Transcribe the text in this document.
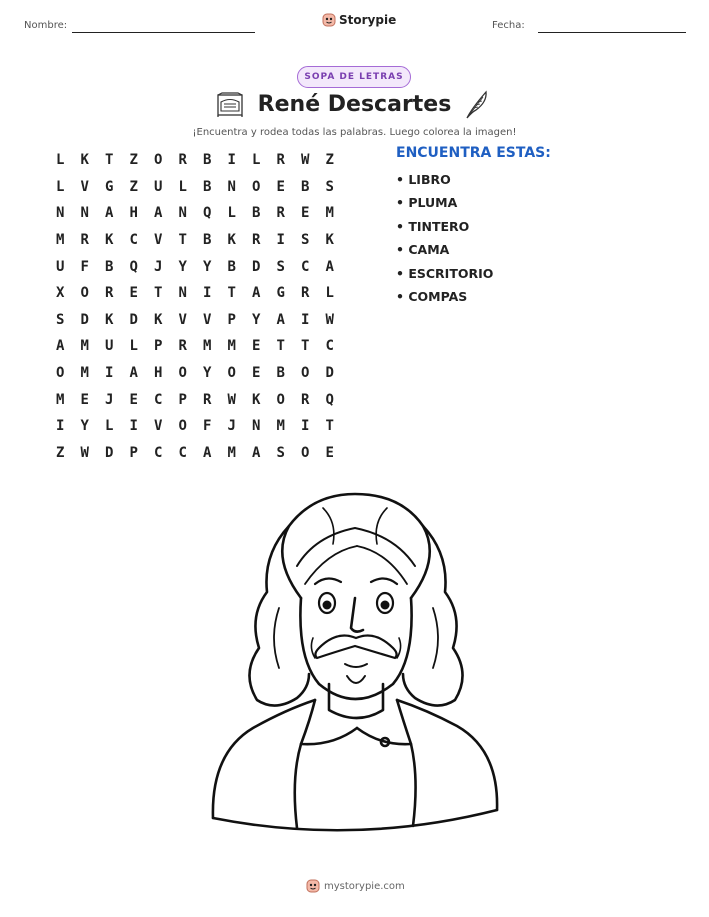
Nombre:	Storypie	Fecha:
SOPA DE LETRAS
René Descartes
¡Encuentra y rodea todas las palabras. Luego colorea la imagen!
L	K	T	Z	O	R	B	I	L	R	W	Z
L	V	G	Z	U	L	B	N	O	E	B	S
N	N	A	H	A	N	Q	L	B	R	E	M
M	R	K	C	V	T	B	K	R	I	S	K
U	F	B	Q	J	Y	Y	B	D	S	C	A
X	O	R	E	T	N	I	T	A	G	R	L
S	D	K	D	K	V	V	P	Y	A	I	W
A	M	U	L	P	R	M	M	E	T	T	C
O	M	I	A	H	O	Y	O	E	B	O	D
M	E	J	E	C	P	R	W	K	O	R	Q
I	Y	L	I	V	O	F	J	N	M	I	T
Z	W	D	P	C	C	A	M	A	S	O	E
ENCUENTRA ESTAS:
• LIBRO
• PLUMA
• TINTERO
• CAMA
• ESCRITORIO
• COMPAS
mystorypie.com
